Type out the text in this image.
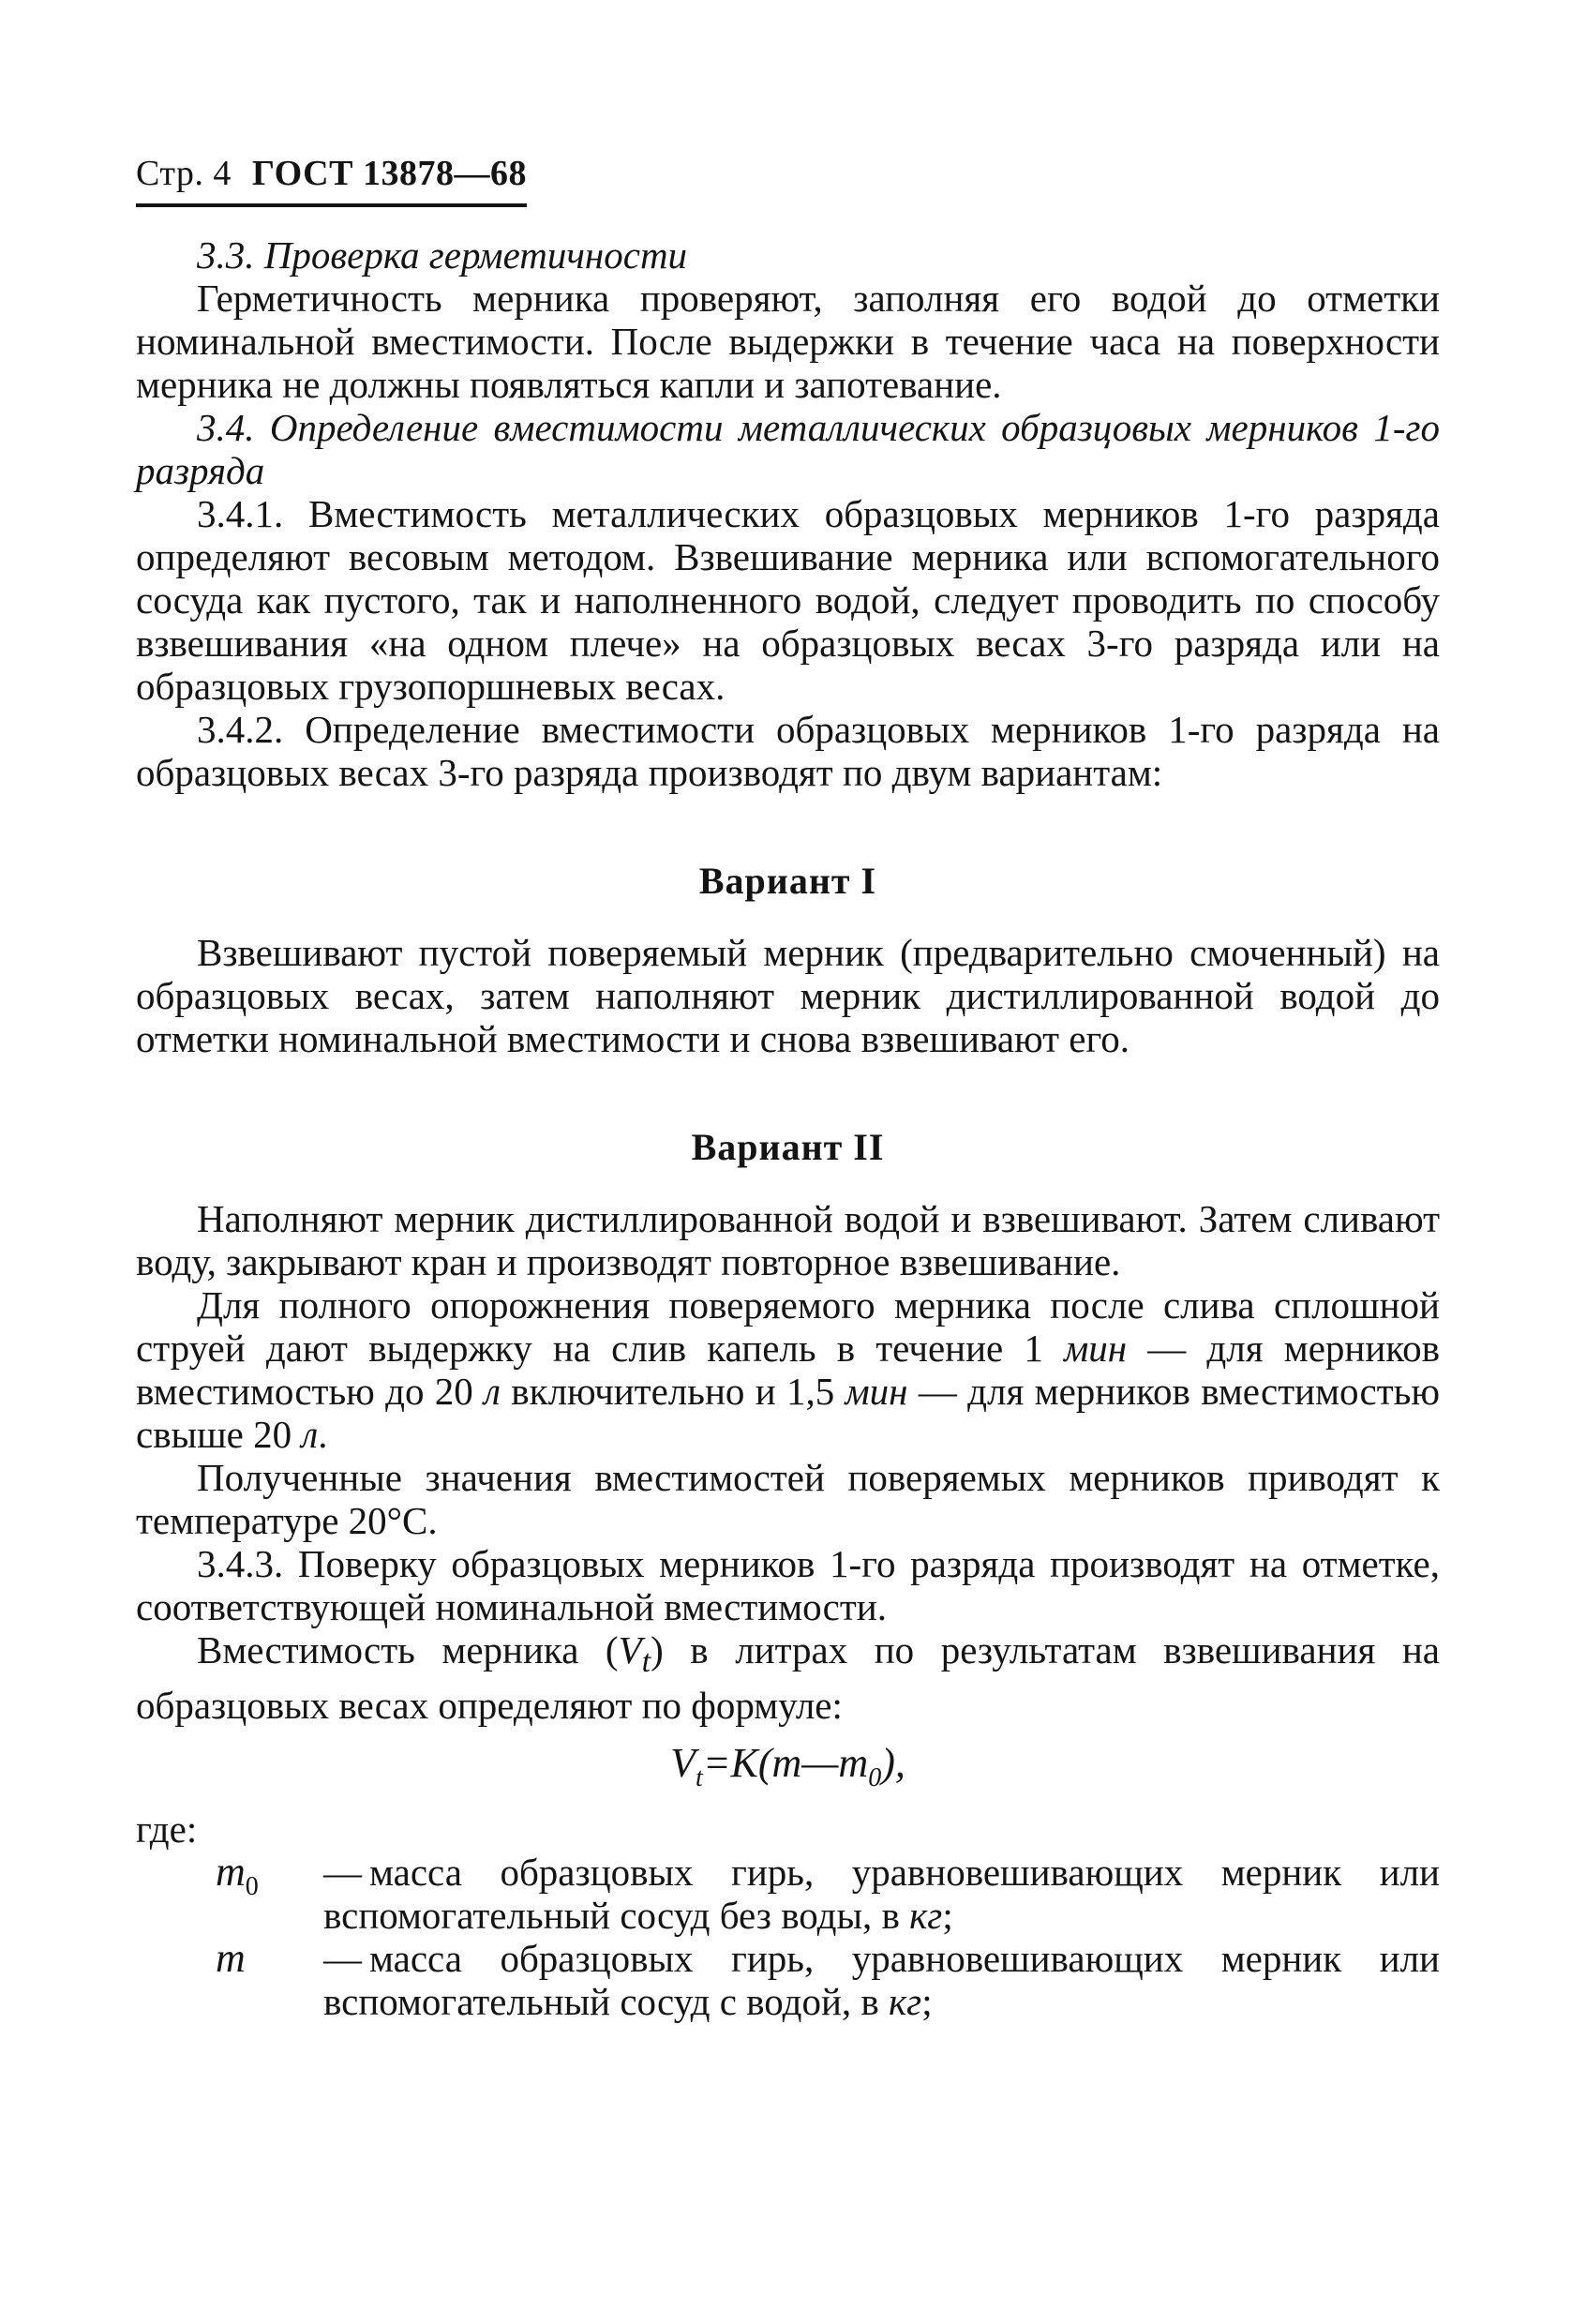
Стр. 4 ГОСТ 13878—68

3.3. Проверка герметичности

Герметичность мерника проверяют, заполняя его водой до отметки номинальной вместимости. После выдержки в течение часа на поверхности мерника не должны появляться капли и запотевание.

3.4. Определение вместимости металлических образцовых мерников 1-го разряда

3.4.1. Вместимость металлических образцовых мерников 1-го разряда определяют весовым методом. Взвешивание мерника или вспомогательного сосуда как пустого, так и наполненного водой, следует проводить по способу взвешивания «на одном плече» на образцовых весах 3-го разряда или на образцовых грузопоршневых весах.

3.4.2. Определение вместимости образцовых мерников 1-го разряда на образцовых весах 3-го разряда производят по двум вариантам:

Вариант I

Взвешивают пустой поверяемый мерник (предварительно смоченный) на образцовых весах, затем наполняют мерник дистиллированной водой до отметки номинальной вместимости и снова взвешивают его.

Вариант II

Наполняют мерник дистиллированной водой и взвешивают. Затем сливают воду, закрывают кран и производят повторное взвешивание.

Для полного опорожнения поверяемого мерника после слива сплошной струей дают выдержку на слив капель в течение 1 мин — для мерников вместимостью до 20 л включительно и 1,5 мин — для мерников вместимостью свыше 20 л.

Полученные значения вместимостей поверяемых мерников приводят к температуре 20°С.

3.4.3. Поверку образцовых мерников 1-го разряда производят на отметке, соответствующей номинальной вместимости.

Вместимость мерника $(V_t)$ в литрах по результатам взвешивания на образцовых весах определяют по формуле:

$V_t=K(m—m_0)$,

где:

$m_0$	— масса образцовых гирь, уравновешивающих мерник или вспомогательный сосуд без воды, в кг;
m	— масса образцовых гирь, уравновешивающих мерник или вспомогательный сосуд с водой, в кг;
